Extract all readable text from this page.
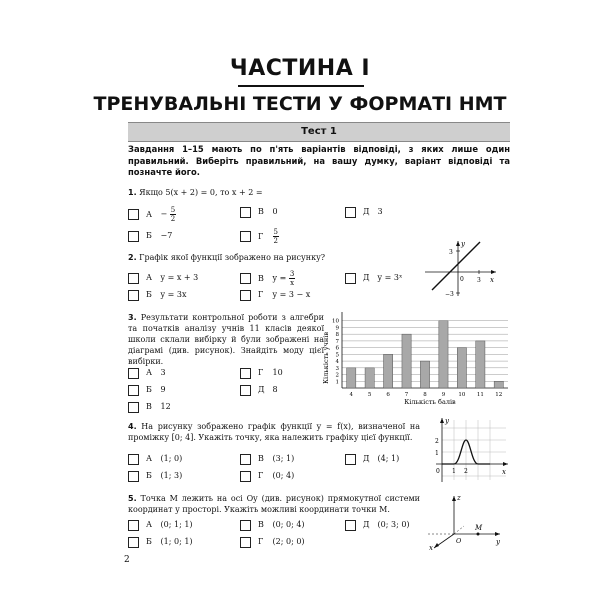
ЧАСТИНА I
ТРЕНУВАЛЬНІ ТЕСТИ У ФОРМАТІ НМТ
Тест 1
Завдання 1–15 мають по п'ять варіантів відповіді, з яких лише один правильний. Виберіть правильний, на вашу думку, варіант відповіді та позначте його.
1. Якщо 5(x + 2) = 0, то x + 2 =
$А - \frac{5}{2}$
Б −7
В 0
Г $\frac{5}{2}$
Д 3
2. Графік якої функції зображено на рисунку?
А y = x + 3
Б y = 3x
В $y = \frac{3}{x}$
Г y = 3 − x
Д y = 3ˣ
y
x
0
3
−3
3
3. Результати контрольної роботи з алгебри та початків аналізу учнів 11 класів деякої школи склали вибірку й були зображені на діаграмі (див. рисунок). Знайдіть моду цієї вибірки.
А 3
Б 9
В 12
Г 10
Д 8
1
2
3
4
5
6
7
8
9
10
4	5	6	7	8	9 10 11 12
Кількість учнів
Кількість балів
4. На рисунку зображено графік функції y = f(x), визначеної на проміжку [0; 4]. Укажіть точку, яка належить графіку цієї функції.
А (1; 0)
Б (1; 3)
В (3; 1)
Г (0; 4)
Д (4; 1)
y
x
0
2
1
1 2
5. Точка M лежить на осі Oy (див. рисунок) прямокутної системи координат у просторі. Укажіть можливі координати точки M.
А (0; 1; 1)
Б (1; 0; 1)
В (0; 0; 4)
Г (2; 0; 0)
Д (0; 3; 0)
z
y
x
O
M
2
